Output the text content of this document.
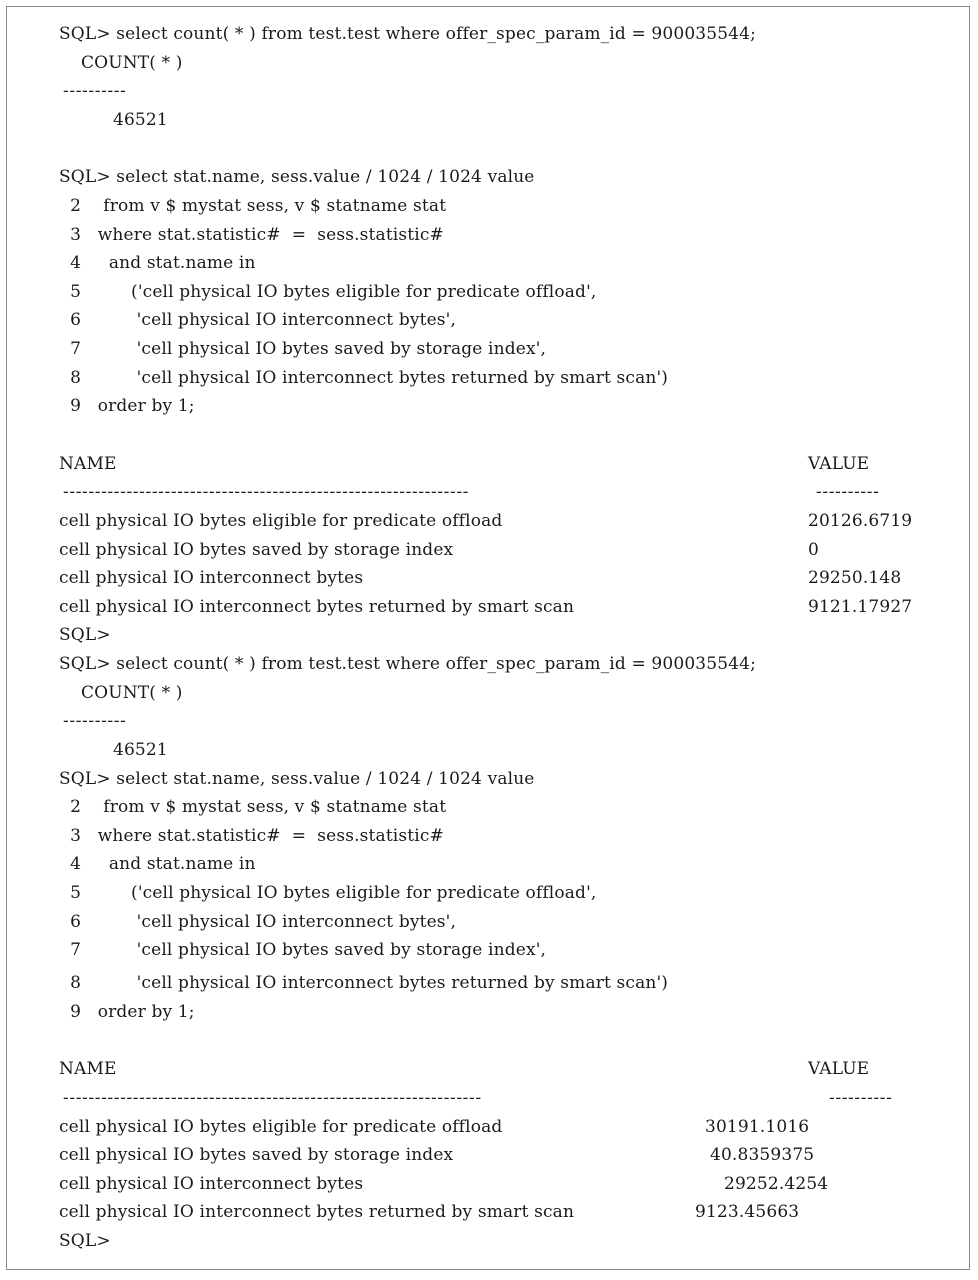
SQL> select count( * ) from test.test where offer_spec_param_id = 900035544;
COUNT( * )
----------
46521
SQL> select stat.name, sess.value / 1024 / 1024 value
2    from v $ mystat sess, v $ statname stat
3   where stat.statistic#  =  sess.statistic#
4     and stat.name in
5         ('cell physical IO bytes eligible for predicate offload',
6          'cell physical IO interconnect bytes',
7          'cell physical IO bytes saved by storage index',
8          'cell physical IO interconnect bytes returned by smart scan')
9   order by 1;
NAME	VALUE
----------------------------------------------------------------	----------
cell physical IO bytes eligible for predicate offload	20126.6719
cell physical IO bytes saved by storage index	0
cell physical IO interconnect bytes	29250.148
cell physical IO interconnect bytes returned by smart scan	9121.17927
SQL>
SQL> select count( * ) from test.test where offer_spec_param_id = 900035544;
COUNT( * )
----------
46521
SQL> select stat.name, sess.value / 1024 / 1024 value
2    from v $ mystat sess, v $ statname stat
3   where stat.statistic#  =  sess.statistic#
4     and stat.name in
5         ('cell physical IO bytes eligible for predicate offload',
6          'cell physical IO interconnect bytes',
7          'cell physical IO bytes saved by storage index',
8          'cell physical IO interconnect bytes returned by smart scan')
9   order by 1;
NAME	VALUE
------------------------------------------------------------------	----------
cell physical IO bytes eligible for predicate offload	30191.1016
cell physical IO bytes saved by storage index	40.8359375
cell physical IO interconnect bytes	29252.4254
cell physical IO interconnect bytes returned by smart scan	9123.45663
SQL>
